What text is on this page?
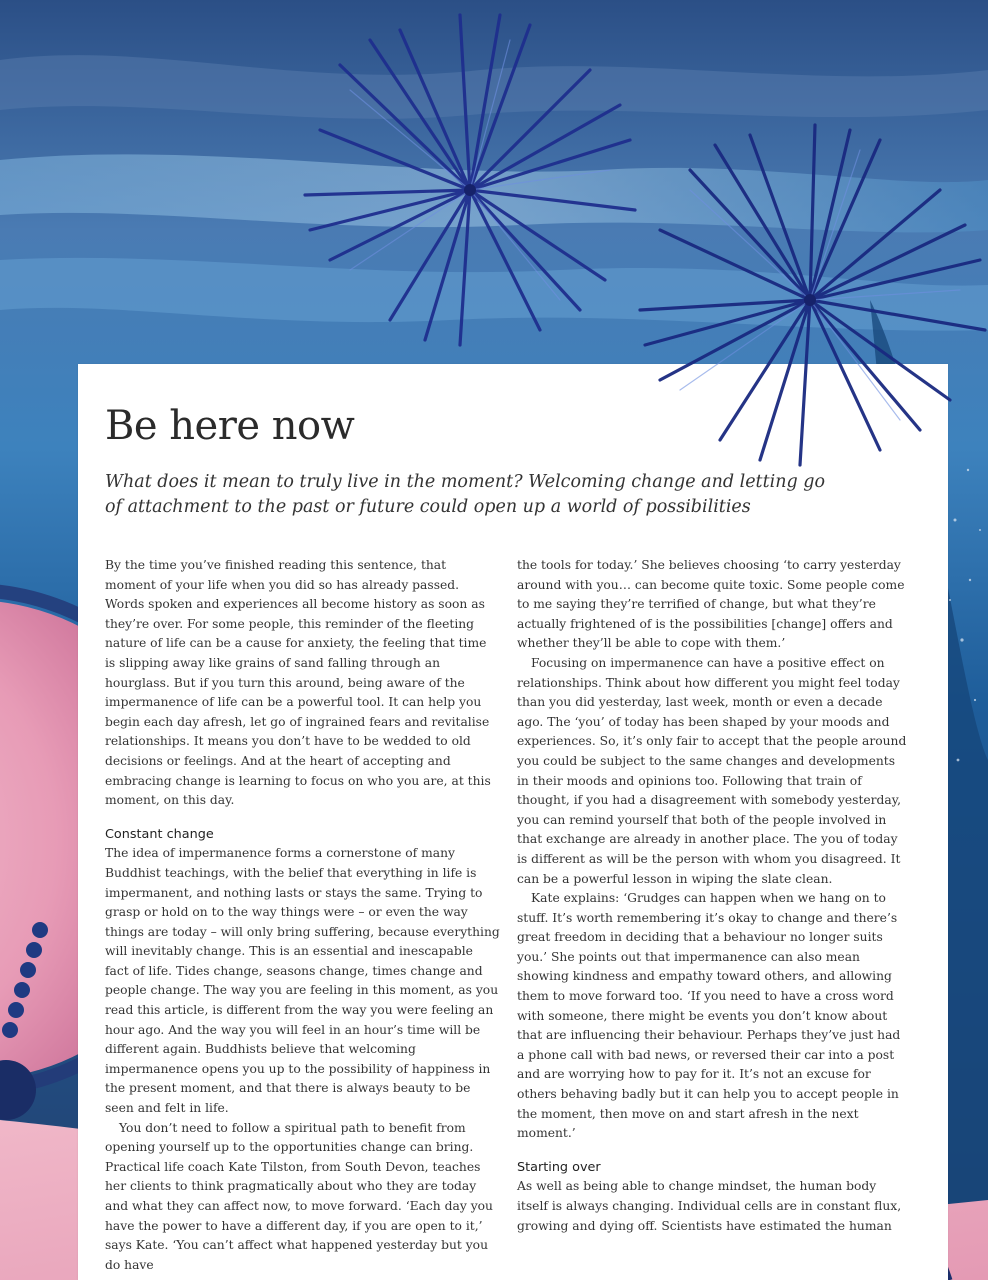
Be here now

What does it mean to truly live in the moment? Welcoming change and letting go of attachment to the past or future could open up a world of possibilities

By the time you’ve finished reading this sentence, that moment of your life when you did so has already passed. Words spoken and experiences all become history as soon as they’re over. For some people, this reminder of the fleeting nature of life can be a cause for anxiety, the feeling that time is slipping away like grains of sand falling through an hourglass. But if you turn this around, being aware of the impermanence of life can be a powerful tool. It can help you begin each day afresh, let go of ingrained fears and revitalise relationships. It means you don’t have to be wedded to old decisions or feelings. And at the heart of accepting and embracing change is learning to focus on who you are, at this moment, on this day.

Constant change

The idea of impermanence forms a cornerstone of many Buddhist teachings, with the belief that everything in life is impermanent, and nothing lasts or stays the same. Trying to grasp or hold on to the way things were – or even the way things are today – will only bring suffering, because everything will inevitably change. This is an essential and inescapable fact of life. Tides change, seasons change, times change and people change. The way you are feeling in this moment, as you read this article, is different from the way you were feeling an hour ago. And the way you will feel in an hour’s time will be different again. Buddhists believe that welcoming impermanence opens you up to the possibility of happiness in the present moment, and that there is always beauty to be seen and felt in life.

You don’t need to follow a spiritual path to benefit from opening yourself up to the opportunities change can bring. Practical life coach Kate Tilston, from South Devon, teaches her clients to think pragmatically about who they are today and what they can affect now, to move forward. ‘Each day you have the power to have a different day, if you are open to it,’ says Kate. ‘You can’t affect what happened yesterday but you do have

the tools for today.’ She believes choosing ‘to carry yesterday around with you… can become quite toxic. Some people come to me saying they’re terrified of change, but what they’re actually frightened of is the possibilities [change] offers and whether they’ll be able to cope with them.’

Focusing on impermanence can have a positive effect on relationships. Think about how different you might feel today than you did yesterday, last week, month or even a decade ago. The ‘you’ of today has been shaped by your moods and experiences. So, it’s only fair to accept that the people around you could be subject to the same changes and developments in their moods and opinions too. Following that train of thought, if you had a disagreement with somebody yesterday, you can remind yourself that both of the people involved in that exchange are already in another place. The you of today is different as will be the person with whom you disagreed. It can be a powerful lesson in wiping the slate clean.

Kate explains: ‘Grudges can happen when we hang on to stuff. It’s worth remembering it’s okay to change and there’s great freedom in deciding that a behaviour no longer suits you.’ She points out that impermanence can also mean showing kindness and empathy toward others, and allowing them to move forward too. ‘If you need to have a cross word with someone, there might be events you don’t know about that are influencing their behaviour. Perhaps they’ve just had a phone call with bad news, or reversed their car into a post and are worrying how to pay for it. It’s not an excuse for others behaving badly but it can help you to accept people in the moment, then move on and start afresh in the next moment.’

Starting over

As well as being able to change mindset, the human body itself is always changing. Individual cells are in constant flux, growing and dying off. Scientists have estimated the human
